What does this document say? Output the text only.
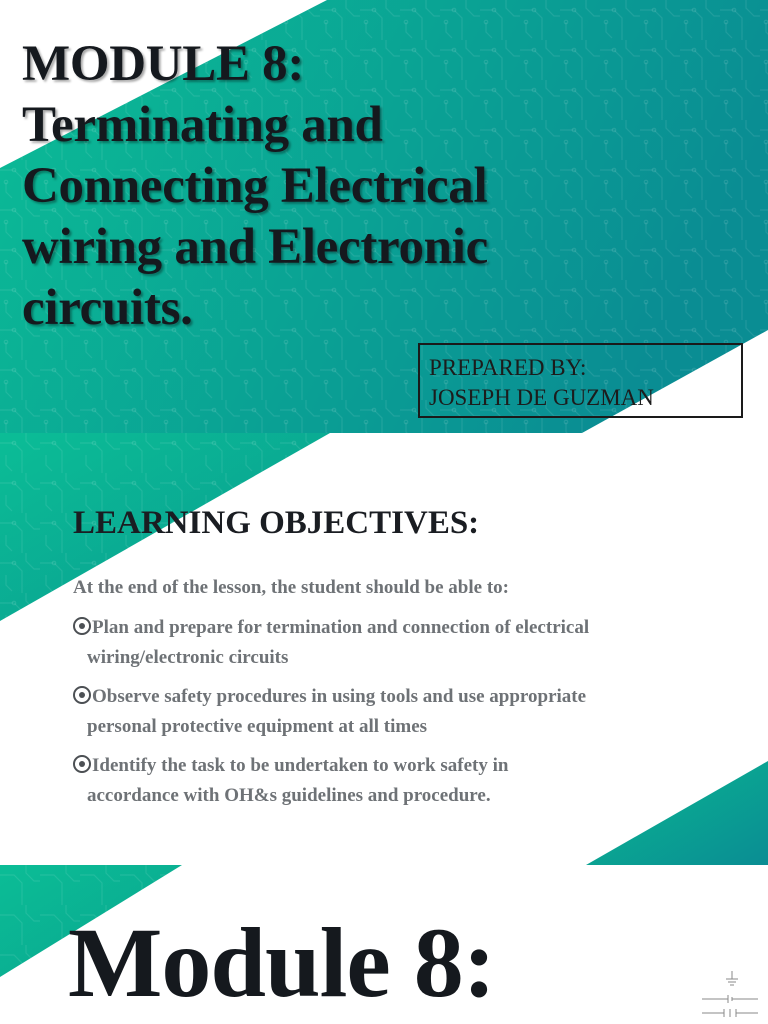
MODULE 8:
Terminating and
Connecting Electrical
wiring and Electronic
circuits.
PREPARED BY:
JOSEPH DE GUZMAN
LEARNING OBJECTIVES:

At the end of the lesson, the student should be able to:

Plan and prepare for termination and connection of electrical
wiring/electronic circuits
Observe safety procedures in using tools and use appropriate
personal protective equipment at all times
Identify the task to be undertaken to work safety in
accordance with OH&s guidelines and procedure.
Module 8:
